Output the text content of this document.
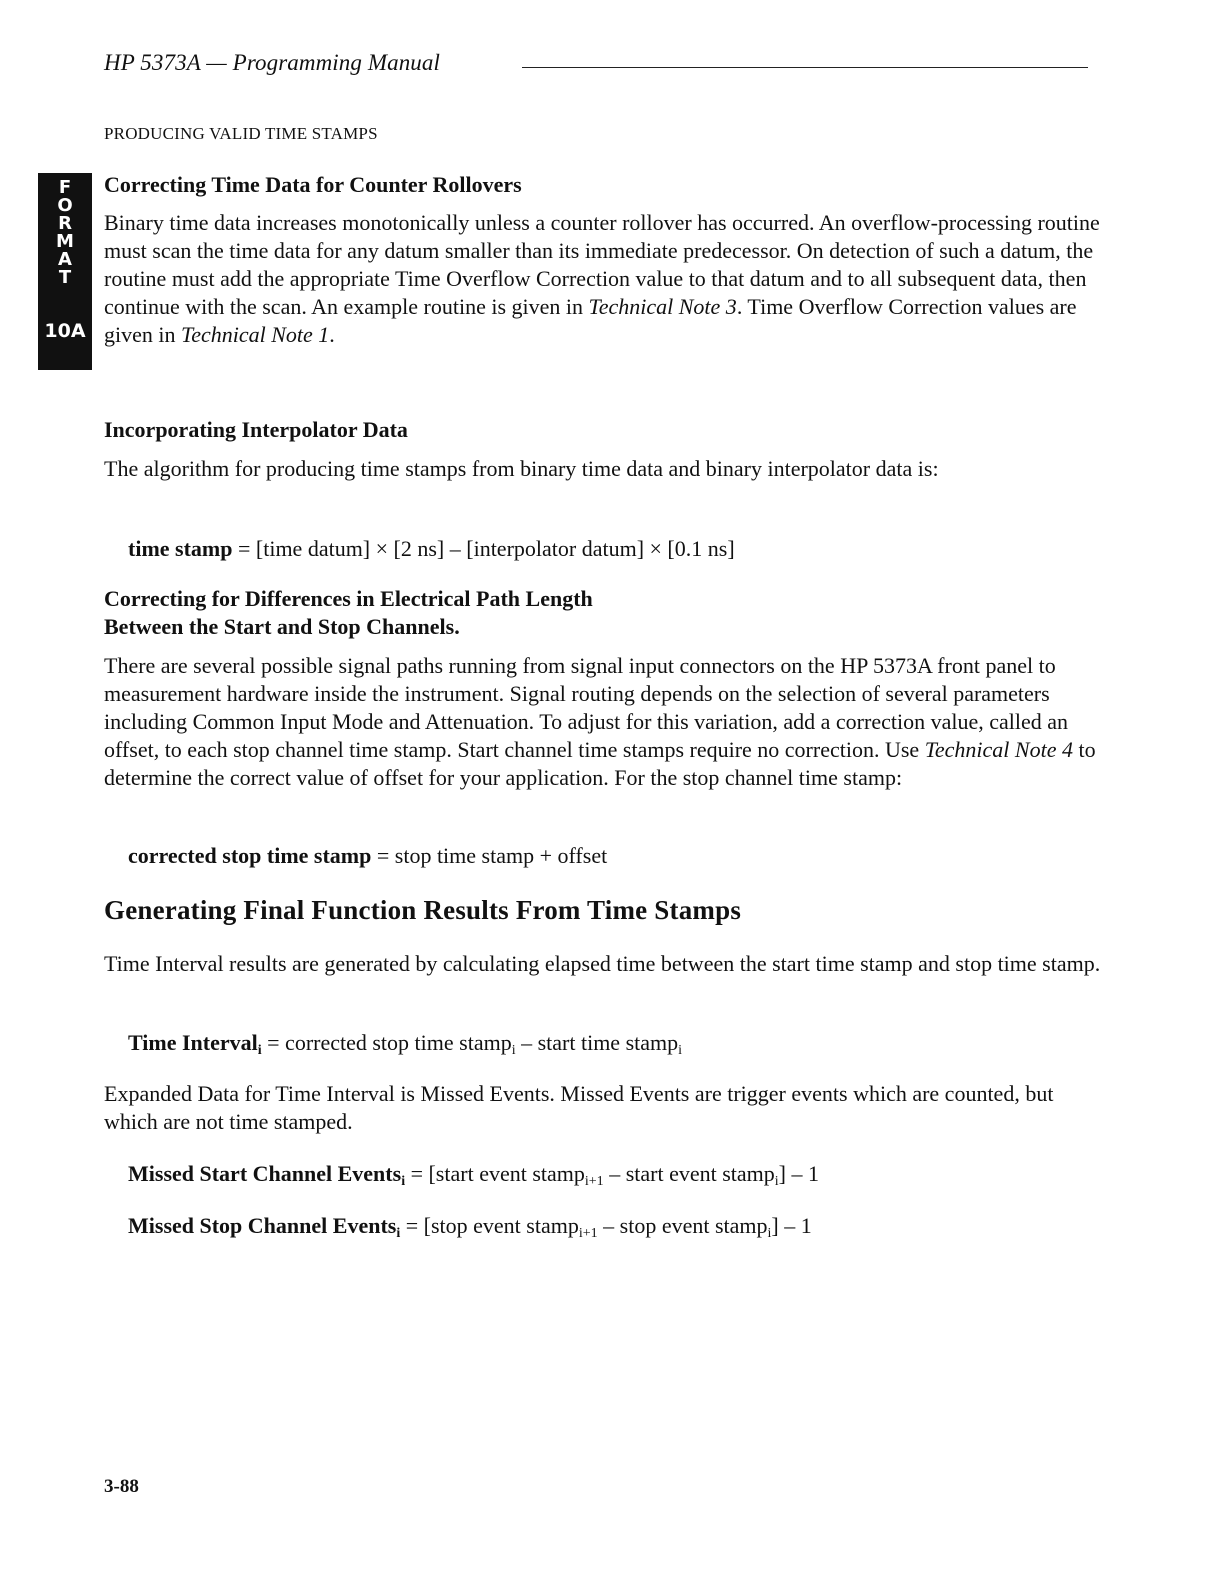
HP 5373A — Programming Manual
PRODUCING VALID TIME STAMPS
F
O
R
M
A
T
10A
Correcting Time Data for Counter Rollovers
Binary time data increases monotonically unless a counter rollover has occurred. An overflow-processing routine must scan the time data for any datum smaller than its immediate predecessor. On detection of such a datum, the routine must add the appropriate Time Overflow Correction value to that datum and to all subsequent data, then continue with the scan. An example routine is given in Technical Note 3. Time Overflow Correction values are given in Technical Note 1.
Incorporating Interpolator Data
The algorithm for producing time stamps from binary time data and binary interpolator data is:
time stamp = [time datum] × [2 ns] – [interpolator datum] × [0.1 ns]
Correcting for Differences in Electrical Path Length
Between the Start and Stop Channels.
There are several possible signal paths running from signal input connectors on the HP 5373A front panel to measurement hardware inside the instrument. Signal routing depends on the selection of several parameters including Common Input Mode and Attenuation. To adjust for this variation, add a correction value, called an offset, to each stop channel time stamp. Start channel time stamps require no correction. Use Technical Note 4 to determine the correct value of offset for your application. For the stop channel time stamp:
corrected stop time stamp = stop time stamp + offset
Generating Final Function Results From Time Stamps
Time Interval results are generated by calculating elapsed time between the start time stamp and stop time stamp.
Time Interval$_i$ = corrected stop time stamp$_i$ – start time stamp$_i$
Expanded Data for Time Interval is Missed Events. Missed Events are trigger events which are counted, but which are not time stamped.
Missed Start Channel Events$_i$ = [start event stamp$_{i+1}$ – start event stamp$_i$] – 1
Missed Stop Channel Events$_i$ = [stop event stamp$_{i+1}$ – stop event stamp$_i$] – 1
3-88
